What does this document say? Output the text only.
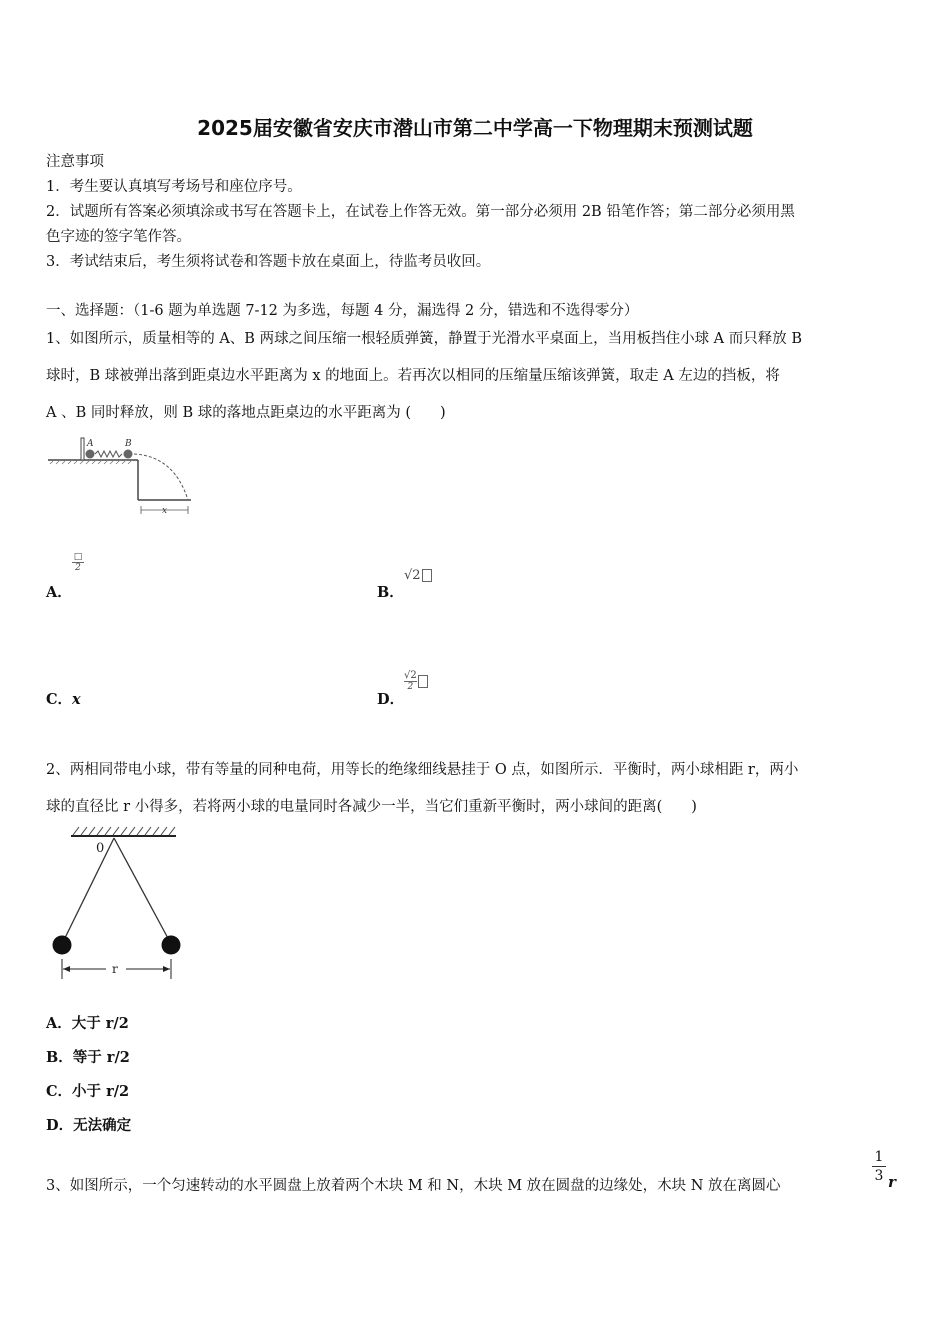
2025届安徽省安庆市潜山市第二中学高一下物理期末预测试题
注意事项
1．考生要认真填写考场号和座位序号。
2．试题所有答案必须填涂或书写在答题卡上，在试卷上作答无效。第一部分必须用 2B 铅笔作答；第二部分必须用黑
色字迹的签字笔作答。
3．考试结束后，考生须将试卷和答题卡放在桌面上，待监考员收回。
一、选择题：（1-6 题为单选题 7-12 为多选，每题 4 分，漏选得 2 分，错选和不选得零分）
1、如图所示，质量相等的 A、B 两球之间压缩一根轻质弹簧，静置于光滑水平桌面上，当用板挡住小球 A 而只释放 B
球时，B 球被弹出落到距桌边水平距离为 x 的地面上。若再次以相同的压缩量压缩该弹簧，取走 A 左边的挡板，将
A 、B 同时释放，则 B 球的落地点距桌边的水平距离为 (　　)
A	B
x
A．
□
2
B．
√2
C．x	D．
$\frac{√2}{2}$
2、两相同带电小球，带有等量的同种电荷，用等长的绝缘细线悬挂于 O 点，如图所示．平衡时，两小球相距 r，两小
球的直径比 r 小得多，若将两小球的电量同时各减少一半，当它们重新平衡时，两小球间的距离(　　)
0
r
A．大于 r/2
B．等于 r/2
C．小于 r/2
D．无法确定
3、如图所示，一个匀速转动的水平圆盘上放着两个木块 M 和 N，木块 M 放在圆盘的边缘处，木块 N 放在离圆心
$\frac{1}{3}$ r
